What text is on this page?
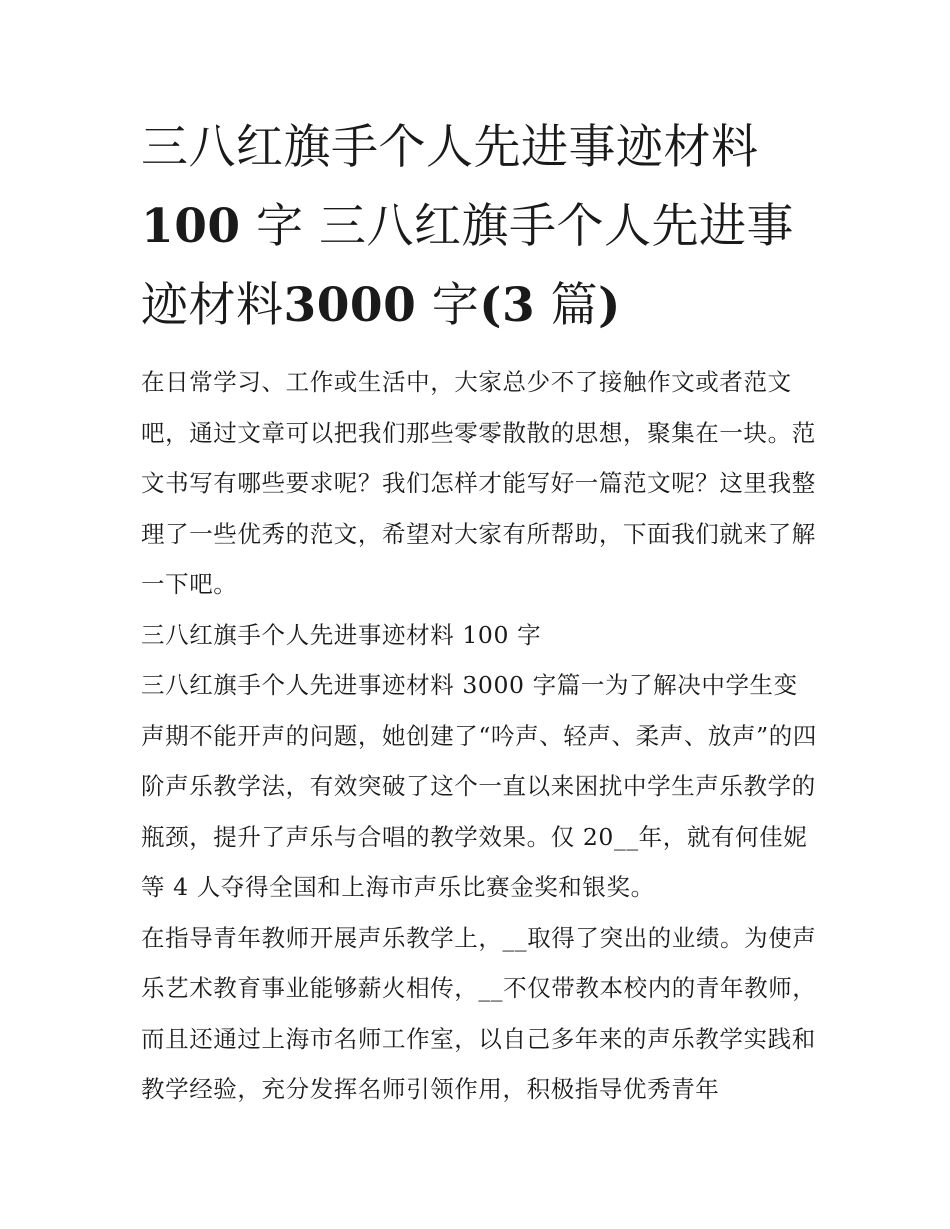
三八红旗手个人先进事迹材料
100 字 三八红旗手个人先进事迹材料3000 字(3 篇)

在日常学习、工作或生活中，大家总少不了接触作文或者范文吧，通过文章可以把我们那些零零散散的思想，聚集在一块。范文书写有哪些要求呢？我们怎样才能写好一篇范文呢？这里我整理了一些优秀的范文，希望对大家有所帮助，下面我们就来了解一下吧。

三八红旗手个人先进事迹材料 100 字

三八红旗手个人先进事迹材料 3000 字篇一为了解决中学生变声期不能开声的问题，她创建了“吟声、轻声、柔声、放声”的四阶声乐教学法，有效突破了这个一直以来困扰中学生声乐教学的瓶颈，提升了声乐与合唱的教学效果。仅 20__年，就有何佳妮等 4 人夺得全国和上海市声乐比赛金奖和银奖。

在指导青年教师开展声乐教学上，__取得了突出的业绩。为使声乐艺术教育事业能够薪火相传，__不仅带教本校内的青年教师，而且还通过上海市名师工作室，以自己多年来的声乐教学实践和教学经验，充分发挥名师引领作用，积极指导优秀青年
